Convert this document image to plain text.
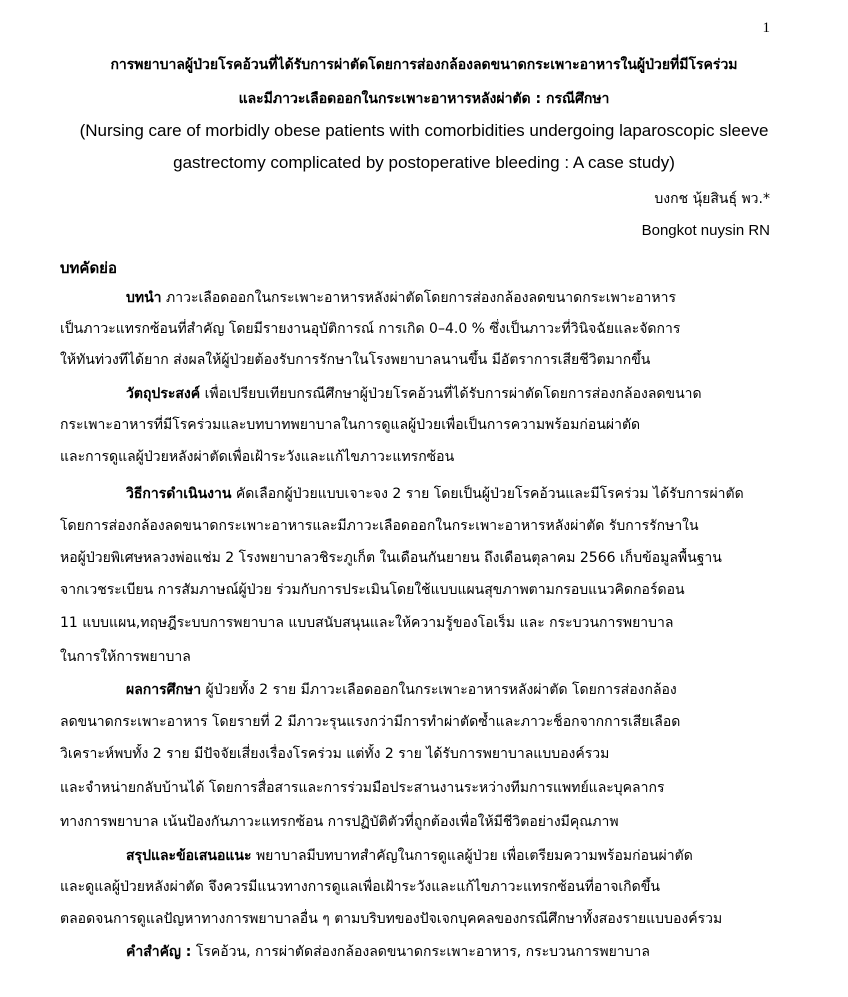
1
การพยาบาลผู้ป่วยโรคอ้วนที่ได้รับการผ่าตัดโดยการส่องกล้องลดขนาดกระเพาะอาหารในผู้ป่วยที่มีโรคร่วม
และมีภาวะเลือดออกในกระเพาะอาหารหลังผ่าตัด : กรณีศึกษา
(Nursing care of morbidly obese patients with comorbidities undergoing laparoscopic sleeve
gastrectomy complicated by postoperative bleeding : A case study)
บงกช นุ้ยสินธุ์ พว.*
Bongkot nuysin RN
บทคัดย่อ
บทนำ ภาวะเลือดออกในกระเพาะอาหารหลังผ่าตัดโดยการส่องกล้องลดขนาดกระเพาะอาหาร
เป็นภาวะแทรกซ้อนที่สำคัญ โดยมีรายงานอุบัติการณ์ การเกิด 0–4.0 % ซึ่งเป็นภาวะที่วินิจฉัยและจัดการ
ให้ทันท่วงทีได้ยาก ส่งผลให้ผู้ป่วยต้องรับการรักษาในโรงพยาบาลนานขึ้น มีอัตราการเสียชีวิตมากขึ้น
วัตถุประสงค์ เพื่อเปรียบเทียบกรณีศึกษาผู้ป่วยโรคอ้วนที่ได้รับการผ่าตัดโดยการส่องกล้องลดขนาด
กระเพาะอาหารที่มีโรคร่วมและบทบาทพยาบาลในการดูแลผู้ป่วยเพื่อเป็นการความพร้อมก่อนผ่าตัด
และการดูแลผู้ป่วยหลังผ่าตัดเพื่อเฝ้าระวังและแก้ไขภาวะแทรกซ้อน
วิธีการดำเนินงาน คัดเลือกผู้ป่วยแบบเจาะจง 2 ราย โดยเป็นผู้ป่วยโรคอ้วนและมีโรคร่วม ได้รับการผ่าตัด
โดยการส่องกล้องลดขนาดกระเพาะอาหารและมีภาวะเลือดออกในกระเพาะอาหารหลังผ่าตัด รับการรักษาใน
หอผู้ป่วยพิเศษหลวงพ่อแช่ม 2 โรงพยาบาลวชิระภูเก็ต ในเดือนกันยายน ถึงเดือนตุลาคม 2566 เก็บข้อมูลพื้นฐาน
จากเวชระเบียน การสัมภาษณ์ผู้ป่วย ร่วมกับการประเมินโดยใช้แบบแผนสุขภาพตามกรอบแนวคิดกอร์ดอน
11 แบบแผน,ทฤษฎีระบบการพยาบาล แบบสนับสนุนและให้ความรู้ของโอเร็ม และ กระบวนการพยาบาล
ในการให้การพยาบาล
ผลการศึกษา ผู้ป่วยทั้ง 2 ราย มีภาวะเลือดออกในกระเพาะอาหารหลังผ่าตัด โดยการส่องกล้อง
ลดขนาดกระเพาะอาหาร โดยรายที่ 2 มีภาวะรุนแรงกว่ามีการทำผ่าตัดซ้ำและภาวะช็อกจากการเสียเลือด
วิเคราะห์พบทั้ง 2 ราย มีปัจจัยเสี่ยงเรื่องโรคร่วม แต่ทั้ง 2 ราย ได้รับการพยาบาลแบบองค์รวม
และจำหน่ายกลับบ้านได้ โดยการสื่อสารและการร่วมมือประสานงานระหว่างทีมการแพทย์และบุคลากร
ทางการพยาบาล เน้นป้องกันภาวะแทรกซ้อน การปฏิบัติตัวที่ถูกต้องเพื่อให้มีชีวิตอย่างมีคุณภาพ
สรุปและข้อเสนอแนะ พยาบาลมีบทบาทสำคัญในการดูแลผู้ป่วย เพื่อเตรียมความพร้อมก่อนผ่าตัด
และดูแลผู้ป่วยหลังผ่าตัด จึงควรมีแนวทางการดูแลเพื่อเฝ้าระวังและแก้ไขภาวะแทรกซ้อนที่อาจเกิดขึ้น
ตลอดจนการดูแลปัญหาทางการพยาบาลอื่น ๆ ตามบริบทของปัจเจกบุคคลของกรณีศึกษาทั้งสองรายแบบองค์รวม
คำสำคัญ : โรคอ้วน, การผ่าตัดส่องกล้องลดขนาดกระเพาะอาหาร, กระบวนการพยาบาล
